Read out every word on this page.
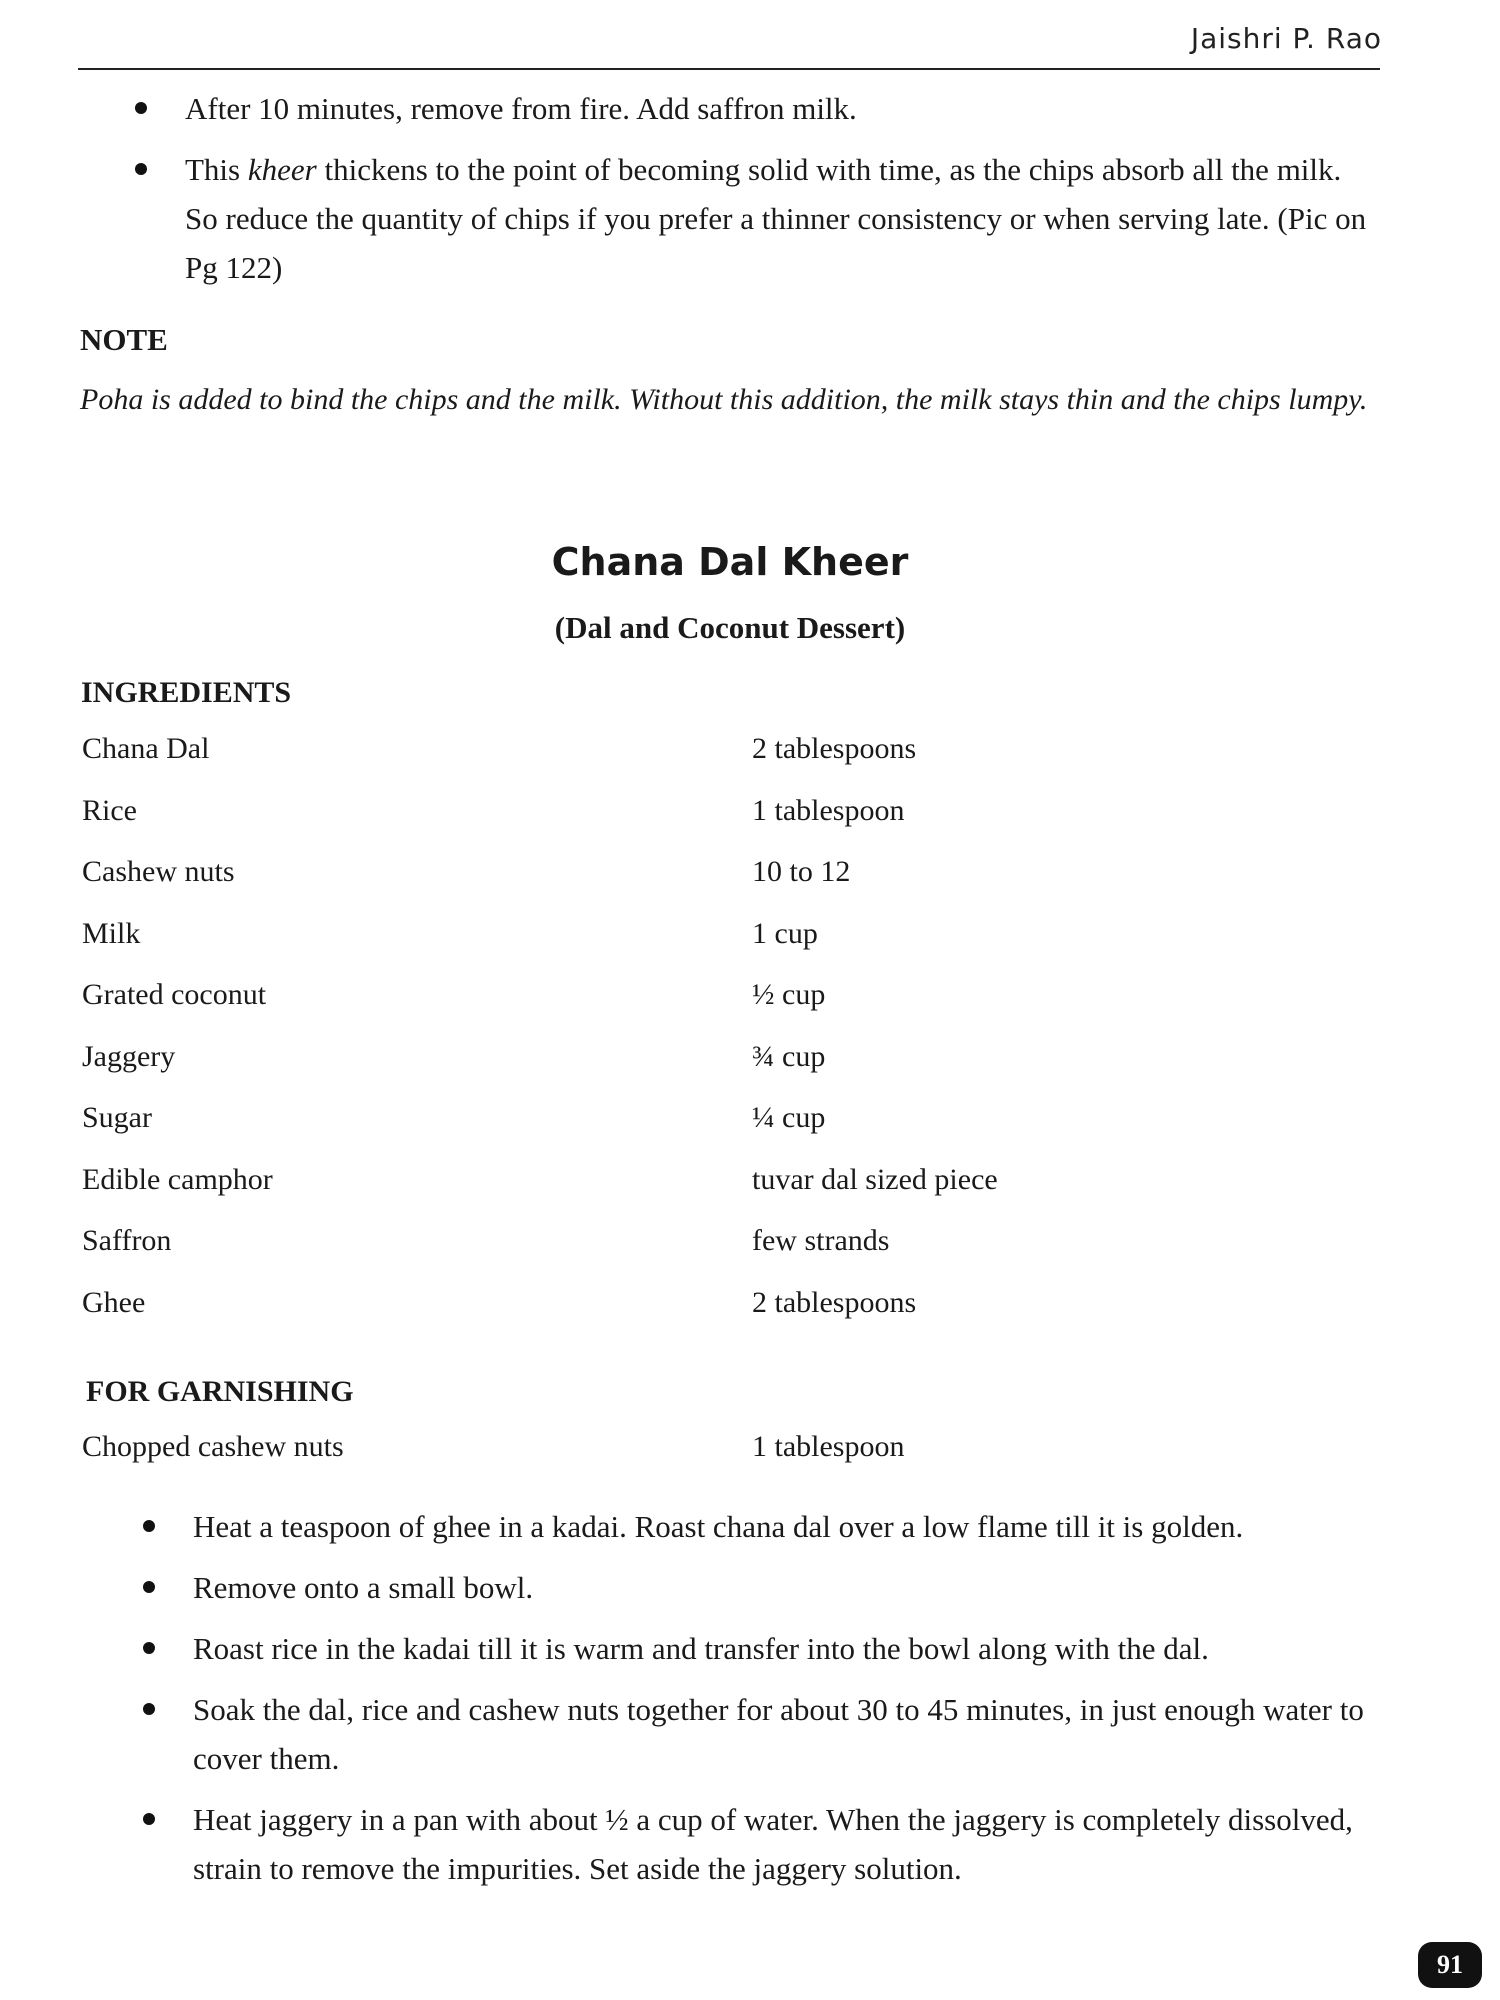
Jaishri P. Rao
After 10 minutes, remove from fire. Add saffron milk.
This kheer thickens to the point of becoming solid with time, as the chips absorb all the milk. So reduce the quantity of chips if you prefer a thinner consistency or when serving late. (Pic on Pg 122)
NOTE
Poha is added to bind the chips and the milk. Without this addition, the milk stays thin and the chips lumpy.
Chana Dal Kheer
(Dal and Coconut Dessert)
INGREDIENTS
Chana Dal	2 tablespoons
Rice	1 tablespoon
Cashew nuts	10 to 12
Milk	1 cup
Grated coconut	½ cup
Jaggery	¾ cup
Sugar	¼ cup
Edible camphor	tuvar dal sized piece
Saffron	few strands
Ghee	2 tablespoons
FOR GARNISHING
Chopped cashew nuts	1 tablespoon
Heat a teaspoon of ghee in a kadai. Roast chana dal over a low flame till it is golden.
Remove onto a small bowl.
Roast rice in the kadai till it is warm and transfer into the bowl along with the dal.
Soak the dal, rice and cashew nuts together for about 30 to 45 minutes, in just enough water to cover them.
Heat jaggery in a pan with about ½ a cup of water. When the jaggery is completely dissolved, strain to remove the impurities. Set aside the jaggery solution.
91
